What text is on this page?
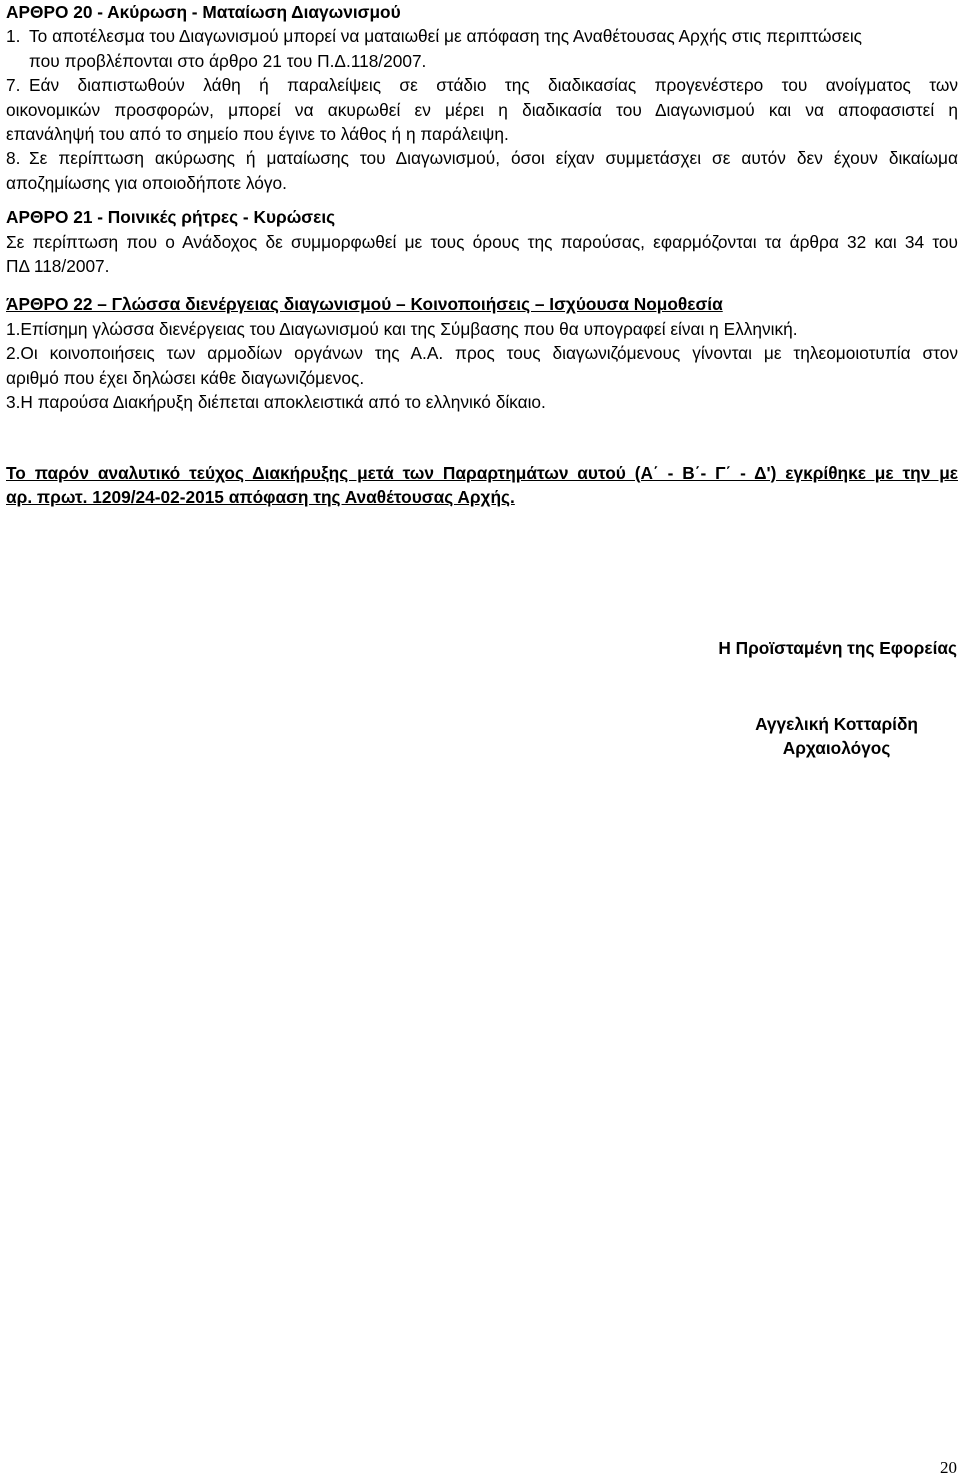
ΑΡΘΡΟ 20 - Ακύρωση - Ματαίωση Διαγωνισμού
1. Το αποτέλεσμα του Διαγωνισμού μπορεί να ματαιωθεί με απόφαση της Αναθέτουσας Αρχής στις περιπτώσεις
που προβλέπονται στο άρθρο 21 του Π.Δ.118/2007.
7. Εάν διαπιστωθούν λάθη ή παραλείψεις σε στάδιο της διαδικασίας προγενέστερο του ανοίγματος των
οικονομικών προσφορών, μπορεί να ακυρωθεί εν μέρει η διαδικασία του Διαγωνισμού και να αποφασιστεί η
επανάληψή του από το σημείο που έγινε το λάθος ή η παράλειψη.
8. Σε περίπτωση ακύρωσης ή ματαίωσης του Διαγωνισμού, όσοι είχαν συμμετάσχει σε αυτόν δεν έχουν δικαίωμα
αποζημίωσης για οποιοδήποτε λόγο.
ΑΡΘΡΟ 21 - Ποινικές ρήτρες - Κυρώσεις
Σε περίπτωση που ο Ανάδοχος δε συμμορφωθεί με τους όρους της παρούσας, εφαρμόζονται τα άρθρα 32 και 34 του
ΠΔ 118/2007.
ΆΡΘΡΟ 22 – Γλώσσα διενέργειας διαγωνισμού – Κοινοποιήσεις – Ισχύουσα Νομοθεσία
1.Επίσημη γλώσσα διενέργειας του Διαγωνισμού και της Σύμβασης που θα υπογραφεί είναι η Ελληνική.
2.Οι κοινοποιήσεις των αρμοδίων οργάνων της Α.Α. προς τους διαγωνιζόμενους γίνονται με τηλεομοιοτυπία στον
αριθμό που έχει δηλώσει κάθε διαγωνιζόμενος.
3.Η παρούσα Διακήρυξη διέπεται αποκλειστικά από το ελληνικό δίκαιο.
Το παρόν αναλυτικό τεύχος Διακήρυξης μετά των Παραρτημάτων αυτού (Α΄ - Β΄- Γ΄ - Δ') εγκρίθηκε με την με
αρ. πρωτ. 1209/24-02-2015 απόφαση της Αναθέτουσας Αρχής.
Η Προϊσταμένη της Εφορείας
Αγγελική Κοτταρίδη
Αρχαιολόγος
20
